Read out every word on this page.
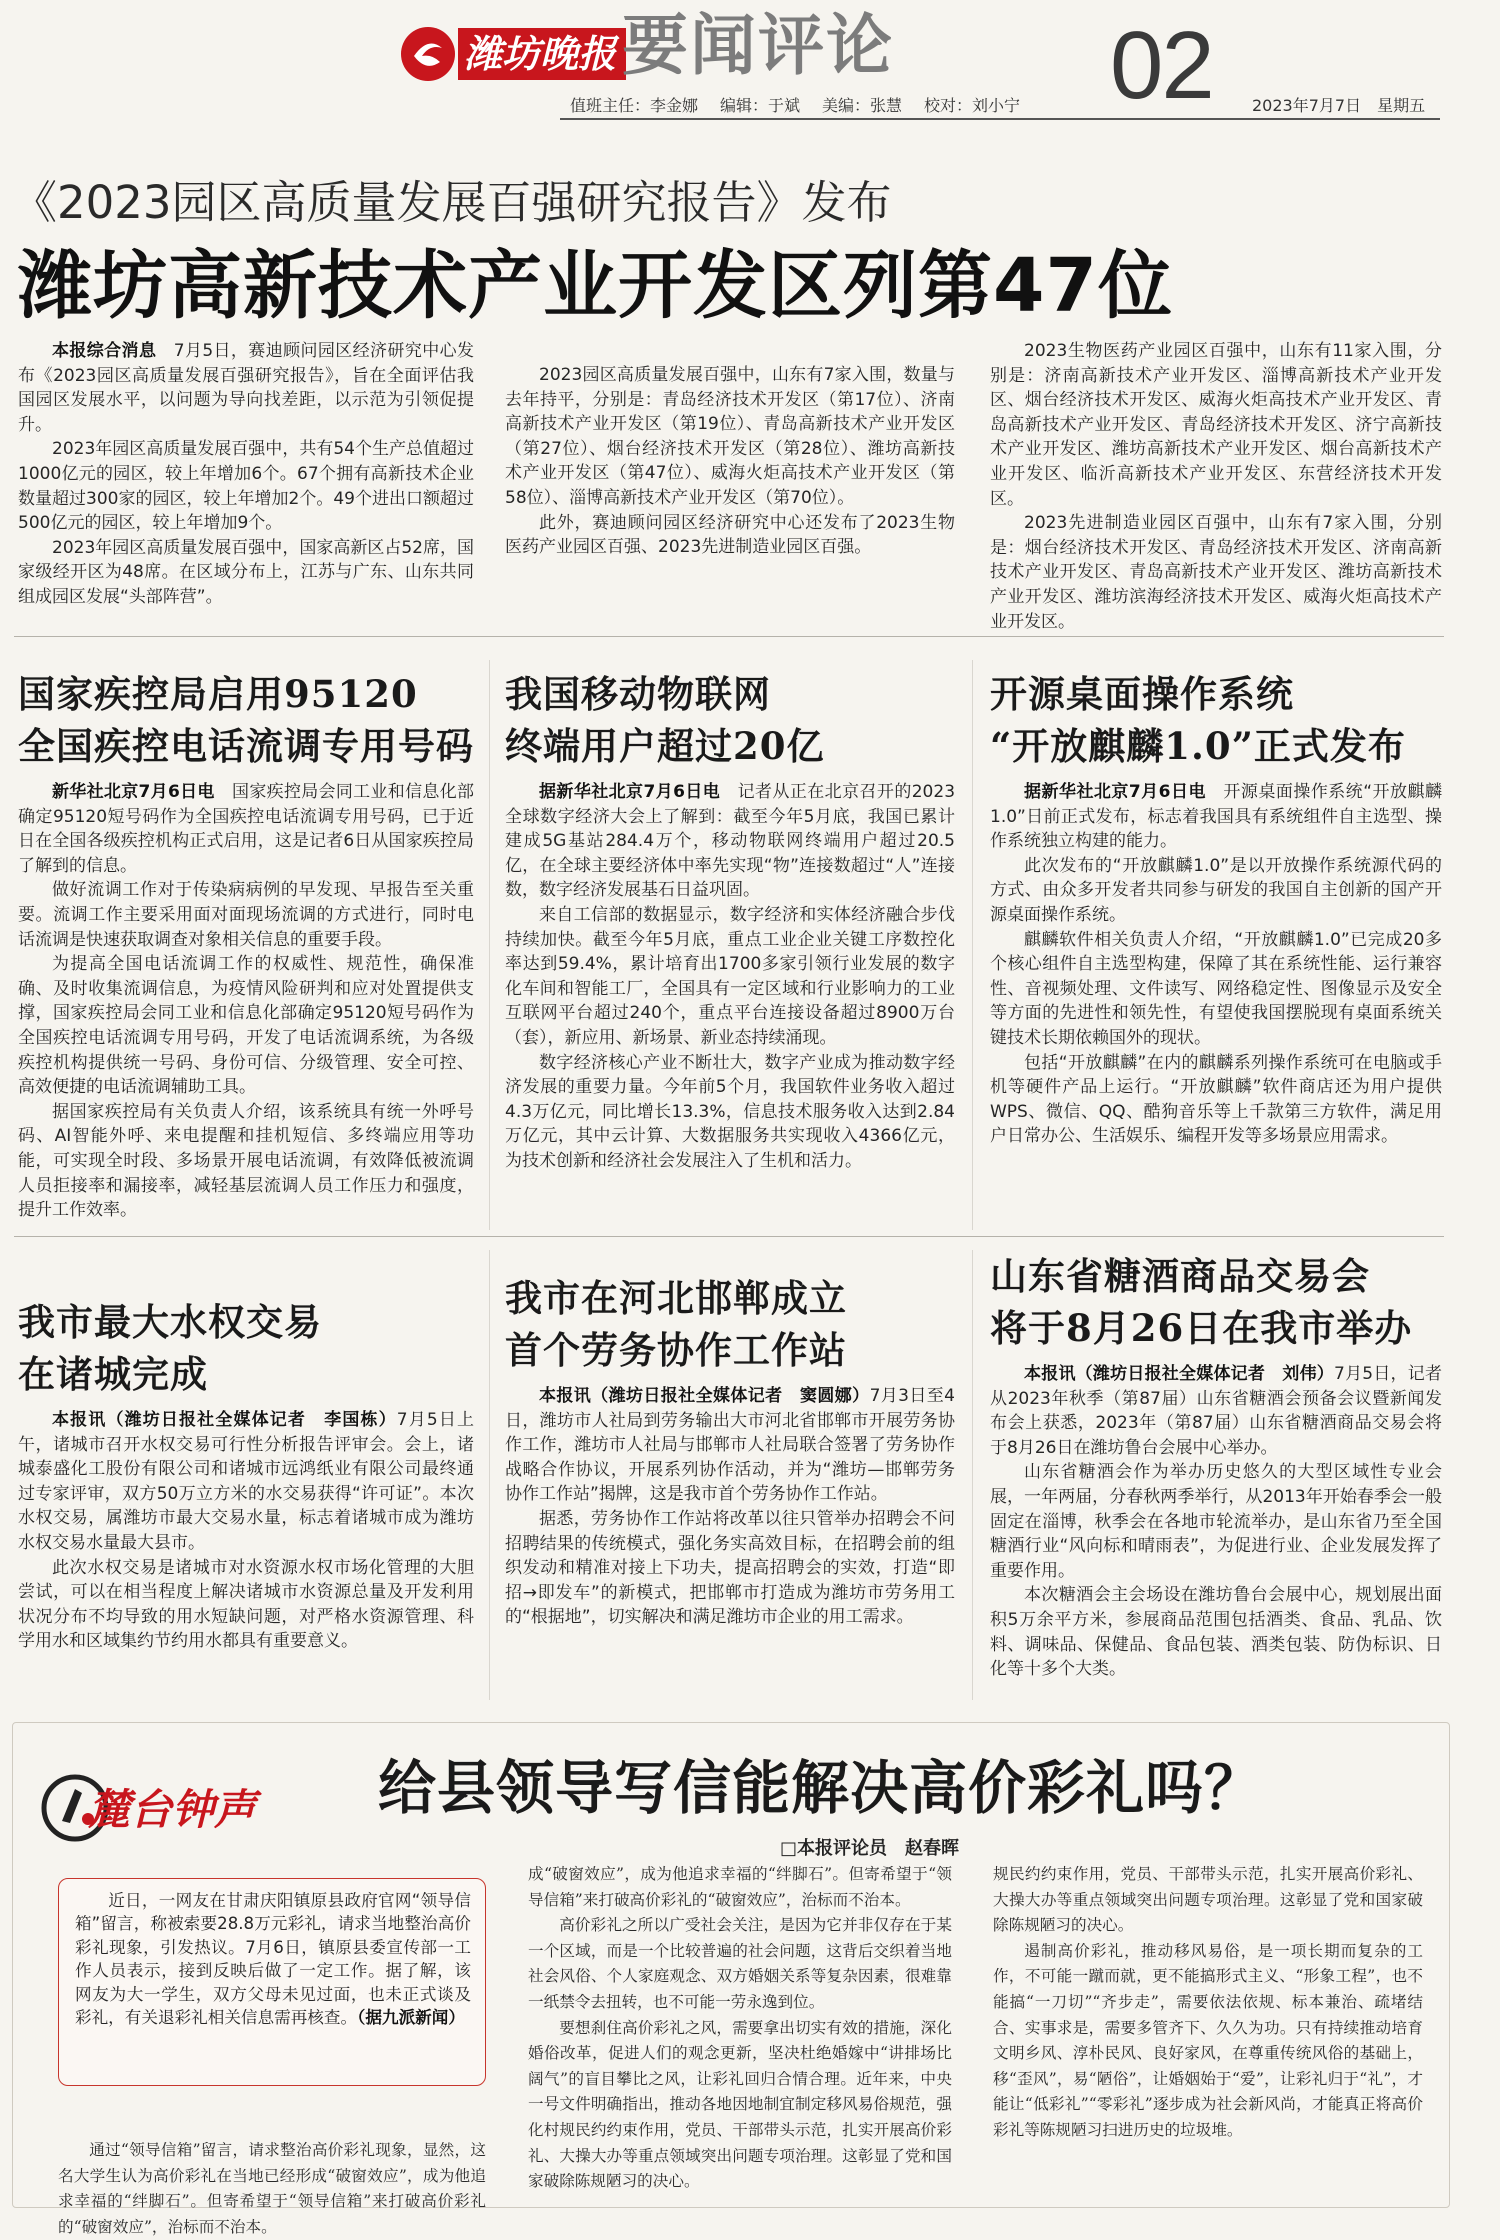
潍坊晚报 要闻评论 02
值班主任：李金娜 编辑：于斌 美编：张慧 校对：刘小宁	2023年7月7日 星期五
《2023园区高质量发展百强研究报告》发布
潍坊高新技术产业开发区列第47位

本报综合消息　 7月5日，赛迪顾问园区经济研究中心发布《2023园区高质量发展百强研究报告》，旨在全面评估我国园区发展水平，以问题为导向找差距，以示范为引领促提升。

2023年园区高质量发展百强中，共有54个生产总值超过1000亿元的园区，较上年增加6个。67个拥有高新技术企业数量超过300家的园区，较上年增加2个。49个进出口额超过500亿元的园区，较上年增加9个。

2023年园区高质量发展百强中，国家高新区占52席，国家级经开区为48席。在区域分布上，江苏与广东、山东共同组成园区发展“头部阵营”。

2023园区高质量发展百强中，山东有7家入围，数量与去年持平，分别是：青岛经济技术开发区（第17位）、济南高新技术产业开发区（第19位）、青岛高新技术产业开发区（第27位）、烟台经济技术开发区（第28位）、潍坊高新技术产业开发区（第47位）、威海火炬高技术产业开发区（第58位）、淄博高新技术产业开发区（第70位）。

此外，赛迪顾问园区经济研究中心还发布了2023生物医药产业园区百强、2023先进制造业园区百强。

2023生物医药产业园区百强中，山东有11家入围，分别是：济南高新技术产业开发区、淄博高新技术产业开发区、烟台经济技术开发区、威海火炬高技术产业开发区、青岛高新技术产业开发区、青岛经济技术开发区、济宁高新技术产业开发区、潍坊高新技术产业开发区、烟台高新技术产业开发区、临沂高新技术产业开发区、东营经济技术开发区。

2023先进制造业园区百强中，山东有7家入围，分别是：烟台经济技术开发区、青岛经济技术开发区、济南高新技术产业开发区、青岛高新技术产业开发区、潍坊高新技术产业开发区、潍坊滨海经济技术开发区、威海火炬高技术产业开发区。

国家疾控局启用95120
全国疾控电话流调专用号码

新华社北京7月6日电　 国家疾控局会同工业和信息化部确定95120短号码作为全国疾控电话流调专用号码，已于近日在全国各级疾控机构正式启用，这是记者6日从国家疾控局了解到的信息。

做好流调工作对于传染病病例的早发现、早报告至关重要。流调工作主要采用面对面现场流调的方式进行，同时电话流调是快速获取调查对象相关信息的重要手段。

为提高全国电话流调工作的权威性、规范性，确保准确、及时收集流调信息，为疫情风险研判和应对处置提供支撑，国家疾控局会同工业和信息化部确定95120短号码作为全国疾控电话流调专用号码，开发了电话流调系统，为各级疾控机构提供统一号码、身份可信、分级管理、安全可控、高效便捷的电话流调辅助工具。

据国家疾控局有关负责人介绍，该系统具有统一外呼号码、AI智能外呼、来电提醒和挂机短信、多终端应用等功能，可实现全时段、多场景开展电话流调，有效降低被流调人员拒接率和漏接率，减轻基层流调人员工作压力和强度，提升工作效率。

我国移动物联网
终端用户超过20亿

据新华社北京7月6日电　 记者从正在北京召开的2023全球数字经济大会上了解到：截至今年5月底，我国已累计建成5G基站284.4万个，移动物联网终端用户超过20.5亿，在全球主要经济体中率先实现“物”连接数超过“人”连接数，数字经济发展基石日益巩固。

来自工信部的数据显示，数字经济和实体经济融合步伐持续加快。截至今年5月底，重点工业企业关键工序数控化率达到59.4%，累计培育出1700多家引领行业发展的数字化车间和智能工厂，全国具有一定区域和行业影响力的工业互联网平台超过240个，重点平台连接设备超过8900万台（套），新应用、新场景、新业态持续涌现。

数字经济核心产业不断壮大，数字产业成为推动数字经济发展的重要力量。今年前5个月，我国软件业务收入超过4.3万亿元，同比增长13.3%，信息技术服务收入达到2.84万亿元，其中云计算、大数据服务共实现收入4366亿元，为技术创新和经济社会发展注入了生机和活力。

开源桌面操作系统
“开放麒麟1.0”正式发布

据新华社北京7月6日电　 开源桌面操作系统“开放麒麟1.0”日前正式发布，标志着我国具有系统组件自主选型、操作系统独立构建的能力。

此次发布的“开放麒麟1.0”是以开放操作系统源代码的方式、由众多开发者共同参与研发的我国自主创新的国产开源桌面操作系统。

麒麟软件相关负责人介绍，“开放麒麟1.0”已完成20多个核心组件自主选型构建，保障了其在系统性能、运行兼容性、音视频处理、文件读写、网络稳定性、图像显示及安全等方面的先进性和领先性，有望使我国摆脱现有桌面系统关键技术长期依赖国外的现状。

包括“开放麒麟”在内的麒麟系列操作系统可在电脑或手机等硬件产品上运行。“开放麒麟”软件商店还为用户提供WPS、微信、QQ、酷狗音乐等上千款第三方软件，满足用户日常办公、生活娱乐、编程开发等多场景应用需求。

我市最大水权交易
在诸城完成

本报讯（潍坊日报社全媒体记者　李国栋）7月5日上午，诸城市召开水权交易可行性分析报告评审会。会上，诸城泰盛化工股份有限公司和诸城市远鸿纸业有限公司最终通过专家评审，双方50万立方米的水交易获得“许可证”。本次水权交易，属潍坊市最大交易水量，标志着诸城市成为潍坊水权交易水量最大县市。

此次水权交易是诸城市对水资源水权市场化管理的大胆尝试，可以在相当程度上解决诸城市水资源总量及开发利用状况分布不均导致的用水短缺问题，对严格水资源管理、科学用水和区域集约节约用水都具有重要意义。

我市在河北邯郸成立
首个劳务协作工作站

本报讯（潍坊日报社全媒体记者　窦圆娜）7月3日至4日，潍坊市人社局到劳务输出大市河北省邯郸市开展劳务协作工作，潍坊市人社局与邯郸市人社局联合签署了劳务协作战略合作协议，开展系列协作活动，并为“潍坊—邯郸劳务协作工作站”揭牌，这是我市首个劳务协作工作站。

据悉，劳务协作工作站将改革以往只管举办招聘会不问招聘结果的传统模式，强化务实高效目标，在招聘会前的组织发动和精准对接上下功夫，提高招聘会的实效，打造“即招→即发车”的新模式，把邯郸市打造成为潍坊市劳务用工的“根据地”，切实解决和满足潍坊市企业的用工需求。

山东省糖酒商品交易会
将于8月26日在我市举办

本报讯（潍坊日报社全媒体记者　刘伟）7月5日，记者从2023年秋季（第87届）山东省糖酒会预备会议暨新闻发布会上获悉，2023年（第87届）山东省糖酒商品交易会将于8月26日在潍坊鲁台会展中心举办。

山东省糖酒会作为举办历史悠久的大型区域性专业会展，一年两届，分春秋两季举行，从2013年开始春季会一般固定在淄博，秋季会在各地市轮流举办，是山东省乃至全国糖酒行业“风向标和晴雨表”，为促进行业、企业发展发挥了重要作用。

本次糖酒会主会场设在潍坊鲁台会展中心，规划展出面积5万余平方米，参展商品范围包括酒类、食品、乳品、饮料、调味品、保健品、食品包装、酒类包装、防伪标识、日化等十多个大类。

麓台钟声 给县领导写信能解决高价彩礼吗？
□本报评论员　赵春晖

近日，一网友在甘肃庆阳镇原县政府官网“领导信箱”留言，称被索要28.8万元彩礼，请求当地整治高价彩礼现象，引发热议。7月6日，镇原县委宣传部一工作人员表示，接到反映后做了一定工作。据了解，该网友为大一学生，双方父母未见过面，也未正式谈及彩礼，有关退彩礼相关信息需再核查。（据九派新闻）

通过“领导信箱”留言，请求整治高价彩礼现象，显然，这名大学生认为高价彩礼在当地已经形成“破窗效应”，成为他追求幸福的“绊脚石”。但寄希望于“领导信箱”来打破高价彩礼的“破窗效应”，治标而不治本。

成“破窗效应”，成为他追求幸福的“绊脚石”。但寄希望于“领导信箱”来打破高价彩礼的“破窗效应”，治标而不治本。

高价彩礼之所以广受社会关注，是因为它并非仅存在于某一个区域，而是一个比较普遍的社会问题，这背后交织着当地社会风俗、个人家庭观念、双方婚姻关系等复杂因素，很难靠一纸禁令去扭转，也不可能一劳永逸到位。

要想刹住高价彩礼之风，需要拿出切实有效的措施，深化婚俗改革，促进人们的观念更新，坚决杜绝婚嫁中“讲排场比阔气”的盲目攀比之风，让彩礼回归合情合理。近年来，中央一号文件明确指出，推动各地因地制宜制定移风易俗规范，强化村规民约约束作用，党员、干部带头示范，扎实开展高价彩礼、大操大办等重点领域突出问题专项治理。这彰显了党和国家破除陈规陋习的决心。

规民约约束作用，党员、干部带头示范，扎实开展高价彩礼、大操大办等重点领域突出问题专项治理。这彰显了党和国家破除陈规陋习的决心。

遏制高价彩礼，推动移风易俗，是一项长期而复杂的工作，不可能一蹴而就，更不能搞形式主义、“形象工程”，也不能搞“一刀切”“齐步走”，需要依法依规、标本兼治、疏堵结合、实事求是，需要多管齐下、久久为功。只有持续推动培育文明乡风、淳朴民风、良好家风，在尊重传统风俗的基础上，移“歪风”，易“陋俗”，让婚姻始于“爱”，让彩礼归于“礼”，才能让“低彩礼”“零彩礼”逐步成为社会新风尚，才能真正将高价彩礼等陈规陋习扫进历史的垃圾堆。
